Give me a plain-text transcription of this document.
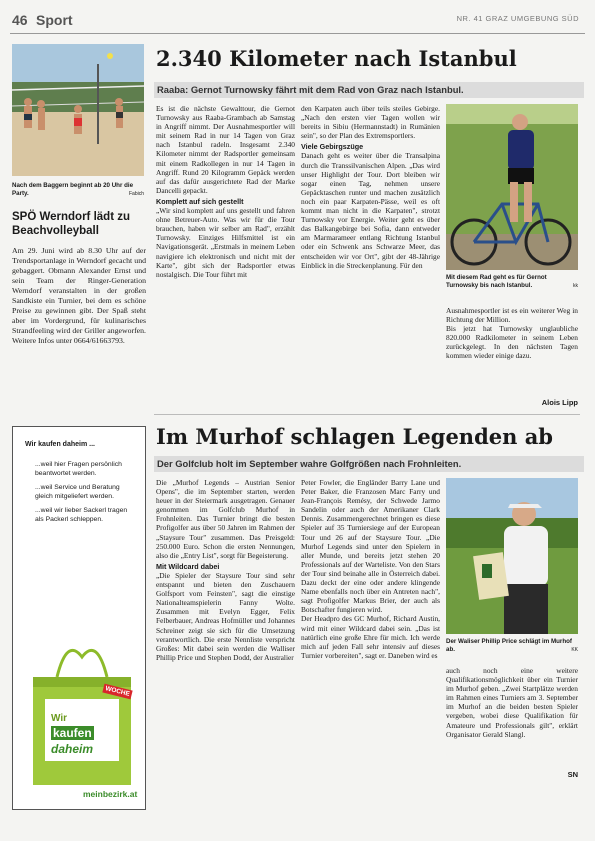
46 Sport	NR. 41 GRAZ UMGEBUNG SÜD
Nach dem Baggern beginnt ab 20 Uhr die Party.	Fabich
SPÖ Werndorf lädt zu Beachvolleyball
Am 29. Juni wird ab 8.30 Uhr auf der Trendsportanlage in Werndorf gecacht und gebaggert. Obmann Alexander Ernst und sein Team der Ringer-Generation Werndorf veranstalten in der großen Sandkiste ein Turnier, bei dem es schöne Preise zu gewinnen gibt. Der Spaß steht aber im Vordergrund, für kulinarisches Strandfeeling wird der Griller angeworfen. Weitere Infos unter 0664/61663793.
2.340 Kilometer nach Istanbul
Raaba: Gernot Turnowsky fährt mit dem Rad von Graz nach Istanbul.

Es ist die nächste Gewalttour, die Gernot Turnowsky aus Raaba-Grambach ab Samstag in Angriff nimmt. Der Ausnahmesportler will mit seinem Rad in nur 14 Tagen von Graz nach Istanbul radeln. Insgesamt 2.340 Kilometer nimmt der Radsportler gemeinsam mit einem Radkollegen in nur 14 Tagen in Angriff. Rund 20 Kilogramm Gepäck werden auf das dafür ausgerichtete Rad der Marke Dancelli gepackt.

Komplett auf sich gestellt

„Wir sind komplett auf uns gestellt und fahren ohne Betreuer-Auto. Was wir für die Tour brauchen, haben wir selber am Rad", erzählt Turnowsky. Einziges Hilfsmittel ist ein Navigationsgerät. „Erstmals in meinem Leben navigiere ich elektronisch und nicht mit der Karte", gibt sich der Radsportler etwas nostalgisch. Die Tour führt mit

den Karpaten auch über teils steiles Gebirge. „Nach den ersten vier Tagen wollen wir bereits in Sibiu (Hermannstadt) in Rumänien sein", so der Plan des Extremsportlers.

Viele Gebirgszüge

Danach geht es weiter über die Transalpina durch die Transsilvanischen Alpen. „Das wird unser Highlight der Tour. Dort bleiben wir sogar einen Tag, nehmen unsere Gepäcktaschen runter und machen zusätzlich noch ein paar Karpaten-Pässe, weil es oft kommt man nicht in die Karpaten", strotzt Turnowsky vor Energie. Weiter geht es über das Balkangebirge bei Sofia, dann entweder am Marmarameer entlang Richtung Istanbul oder ein Schwenk ans Schwarze Meer, das entscheiden wir vor Ort", gibt der 48-Jährige Einblick in die Streckenplanung. Für den

Mit diesem Rad geht es für Gernot Turnowsky bis nach Istanbul.	kk

Ausnahmesportler ist es ein weiterer Weg in Richtung der Million.

Bis jetzt hat Turnowsky unglaubliche 820.000 Radkilometer in seinem Leben zurückgelegt. In den nächsten Tagen kommen wieder einige dazu.

Alois Lipp
Wir kaufen daheim ...
...weil hier Fragen persönlich beantwortet werden.
...weil Service und Beratung gleich mitgeliefert werden.
...weil wir lieber Sackerl tragen als Packerl schleppen.
Wir
kaufen
daheim
WOCHE
meinbezirk.at
Im Murhof schlagen Legenden ab
Der Golfclub holt im September wahre Golfgrößen nach Frohnleiten.

Die „Murhof Legends – Austrian Senior Opens", die im September starten, werden heuer in der Steiermark ausgetragen. Genauer genommen im Golfclub Murhof in Frohnleiten. Das Turnier bringt die besten Profigolfer aus über 50 Jahren im Rahmen der „Staysure Tour" zusammen. Das Preisgeld: 250.000 Euro. Schon die ersten Nennungen, also die „Entry List", sorgt für Begeisterung.

Mit Wildcard dabei

„Die Spieler der Staysure Tour sind sehr entspannt und bieten den Zuschauern Golfsport vom Feinsten", sagt die einstige Nationalteamspielerin Fanny Wolte. Zusammen mit Evelyn Egger, Felix Felberbauer, Andreas Hofmüller und Johannes Schreiner zeigt sie sich für die Umsetzung verantwortlich. Die erste Nennliste verspricht Großes: Mit dabei sein werden die Walliser Phillip Price und Stephen Dodd, der Australier

Peter Fowler, die Engländer Barry Lane und Peter Baker, die Franzosen Marc Farry und Jean-François Remésy, der Schwede Jarmo Sandelin oder auch der Amerikaner Clark Dennis. Zusammengerechnet bringen es diese Spieler auf 35 Turniersiege auf der European Tour und 26 auf der Staysure Tour. „Die Murhof Legends sind unter den Spielern in aller Munde, und bereits jetzt stehen 20 Professionals auf der Warteliste. Von den Stars der Tour sind beinahe alle in Österreich dabei. Dazu deckt der eine oder andere klingende Name ebenfalls noch über ein Antreten nach", sagt Profigolfer Markus Brier, der auch als Botschafter fungieren wird.

Der Headpro des GC Murhof, Richard Austin, wird mit einer Wildcard dabei sein. „Das ist natürlich eine große Ehre für mich. Ich werde mich auf jeden Fall sehr intensiv auf dieses Turnier vorbereiten", sagt er. Daneben wird es

Der Waliser Phillip Price schlägt im Murhof ab.	KK

auch noch eine weitere Qualifikationsmöglichkeit über ein Turnier im Murhof geben. „Zwei Startplätze werden im Rahmen eines Turniers am 3. September im Murhof an die beiden besten Spieler vergeben, wobei diese Qualifikation für Amateure und Professionals gilt", erklärt Organisator Gerald Slangl.

SN
